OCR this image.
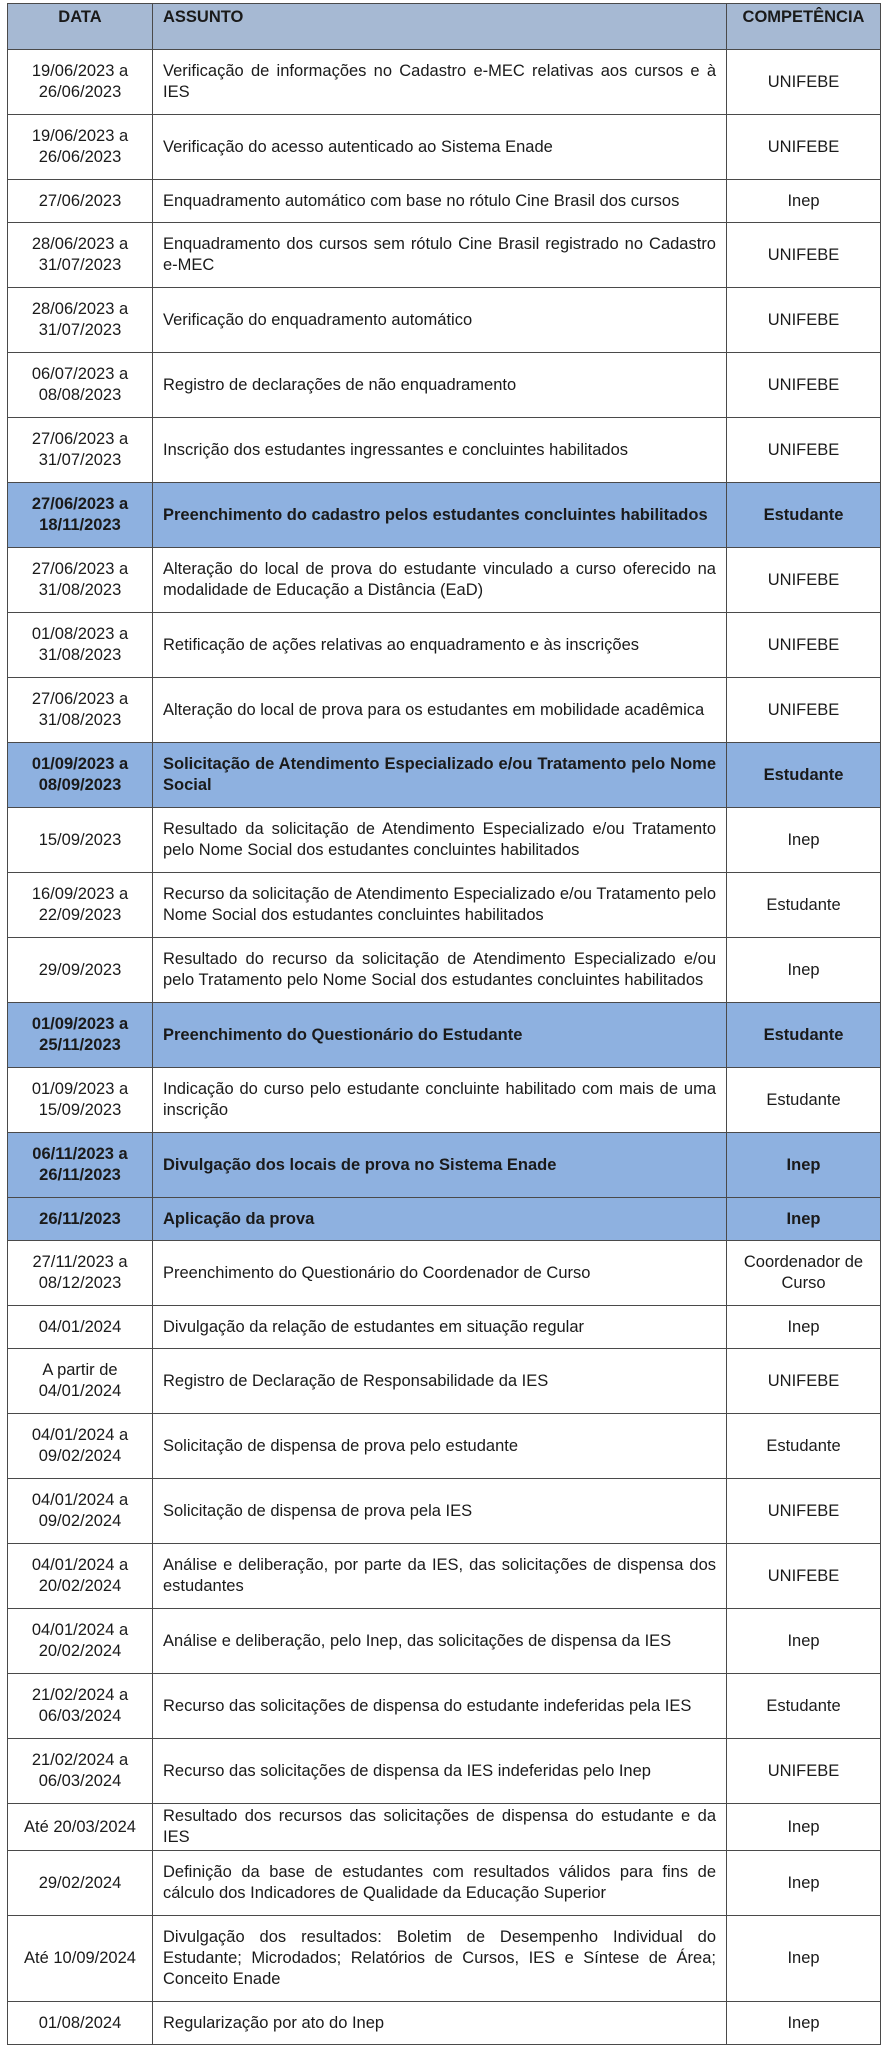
DATA	ASSUNTO	COMPETÊNCIA
19/06/2023 a 26/06/2023	Verificação de informações no Cadastro e-MEC relativas aos cursos e à IES	UNIFEBE
19/06/2023 a 26/06/2023	Verificação do acesso autenticado ao Sistema Enade	UNIFEBE
27/06/2023	Enquadramento automático com base no rótulo Cine Brasil dos cursos	Inep
28/06/2023 a 31/07/2023	Enquadramento dos cursos sem rótulo Cine Brasil registrado no Cadastro e-MEC	UNIFEBE
28/06/2023 a 31/07/2023	Verificação do enquadramento automático	UNIFEBE
06/07/2023 a 08/08/2023	Registro de declarações de não enquadramento	UNIFEBE
27/06/2023 a 31/07/2023	Inscrição dos estudantes ingressantes e concluintes habilitados	UNIFEBE
27/06/2023 a 18/11/2023	Preenchimento do cadastro pelos estudantes concluintes habilitados	Estudante
27/06/2023 a 31/08/2023	Alteração do local de prova do estudante vinculado a curso oferecido na modalidade de Educação a Distância (EaD)	UNIFEBE
01/08/2023 a 31/08/2023	Retificação de ações relativas ao enquadramento e às inscrições	UNIFEBE
27/06/2023 a 31/08/2023	Alteração do local de prova para os estudantes em mobilidade acadêmica	UNIFEBE
01/09/2023 a 08/09/2023	Solicitação de Atendimento Especializado e/ou Tratamento pelo Nome Social	Estudante
15/09/2023	Resultado da solicitação de Atendimento Especializado e/ou Tratamento pelo Nome Social dos estudantes concluintes habilitados	Inep
16/09/2023 a 22/09/2023	Recurso da solicitação de Atendimento Especializado e/ou Tratamento pelo Nome Social dos estudantes concluintes habilitados	Estudante
29/09/2023	Resultado do recurso da solicitação de Atendimento Especializado e/ou pelo Tratamento pelo Nome Social dos estudantes concluintes habilitados	Inep
01/09/2023 a 25/11/2023	Preenchimento do Questionário do Estudante	Estudante
01/09/2023 a 15/09/2023	Indicação do curso pelo estudante concluinte habilitado com mais de uma inscrição	Estudante
06/11/2023 a 26/11/2023	Divulgação dos locais de prova no Sistema Enade	Inep
26/11/2023	Aplicação da prova	Inep
27/11/2023 a 08/12/2023	Preenchimento do Questionário do Coordenador de Curso	Coordenador de Curso
04/01/2024	Divulgação da relação de estudantes em situação regular	Inep
A partir de 04/01/2024	Registro de Declaração de Responsabilidade da IES	UNIFEBE
04/01/2024 a 09/02/2024	Solicitação de dispensa de prova pelo estudante	Estudante
04/01/2024 a 09/02/2024	Solicitação de dispensa de prova pela IES	UNIFEBE
04/01/2024 a 20/02/2024	Análise e deliberação, por parte da IES, das solicitações de dispensa dos estudantes	UNIFEBE
04/01/2024 a 20/02/2024	Análise e deliberação, pelo Inep, das solicitações de dispensa da IES	Inep
21/02/2024 a 06/03/2024	Recurso das solicitações de dispensa do estudante indeferidas pela IES	Estudante
21/02/2024 a 06/03/2024	Recurso das solicitações de dispensa da IES indeferidas pelo Inep	UNIFEBE
Até 20/03/2024	Resultado dos recursos das solicitações de dispensa do estudante e da IES	Inep
29/02/2024	Definição da base de estudantes com resultados válidos para fins de cálculo dos Indicadores de Qualidade da Educação Superior	Inep
Até 10/09/2024	Divulgação dos resultados: Boletim de Desempenho Individual do Estudante; Microdados; Relatórios de Cursos, IES e Síntese de Área; Conceito Enade	Inep
01/08/2024	Regularização por ato do Inep	Inep
